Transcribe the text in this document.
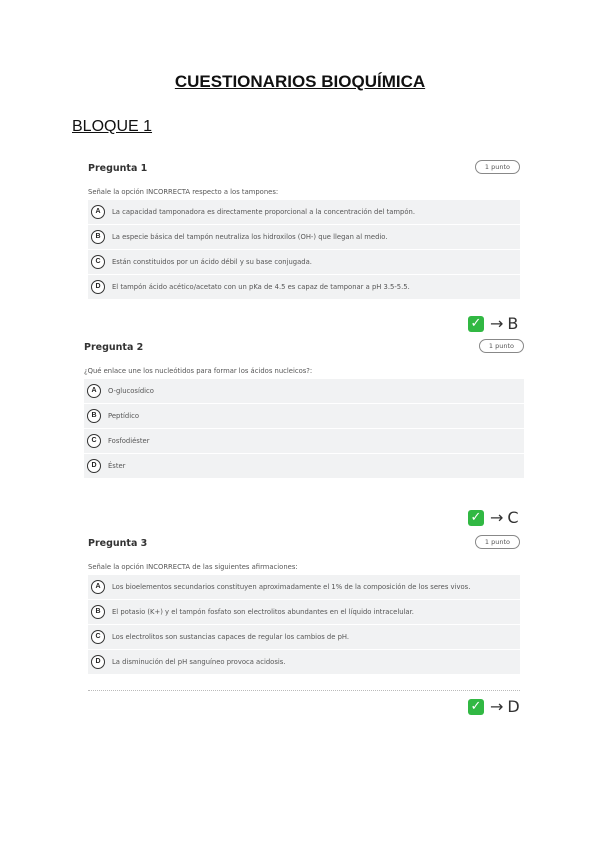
CUESTIONARIOS BIOQUÍMICA
BLOQUE 1
Pregunta 1	1 punto
Señale la opción INCORRECTA respecto a los tampones:
A	La capacidad tamponadora es directamente proporcional a la concentración del tampón.
B	La especie básica del tampón neutraliza los hidroxilos (OH-) que llegan al medio.
C	Están constituidos por un ácido débil y su base conjugada.
D	El tampón ácido acético/acetato con un pKa de 4.5 es capaz de tamponar a pH 3.5-5.5.
✓ → B
Pregunta 2	1 punto
¿Qué enlace une los nucleótidos para formar los ácidos nucleicos?:
A	O-glucosídico
B	Peptídico
C	Fosfodiéster
D	Éster
✓ → C
Pregunta 3	1 punto
Señale la opción INCORRECTA de las siguientes afirmaciones:
A	Los bioelementos secundarios constituyen aproximadamente el 1% de la composición de los seres vivos.
B	El potasio (K+) y el tampón fosfato son electrolitos abundantes en el líquido intracelular.
C	Los electrolitos son sustancias capaces de regular los cambios de pH.
D	La disminución del pH sanguíneo provoca acidosis.
✓ → D
